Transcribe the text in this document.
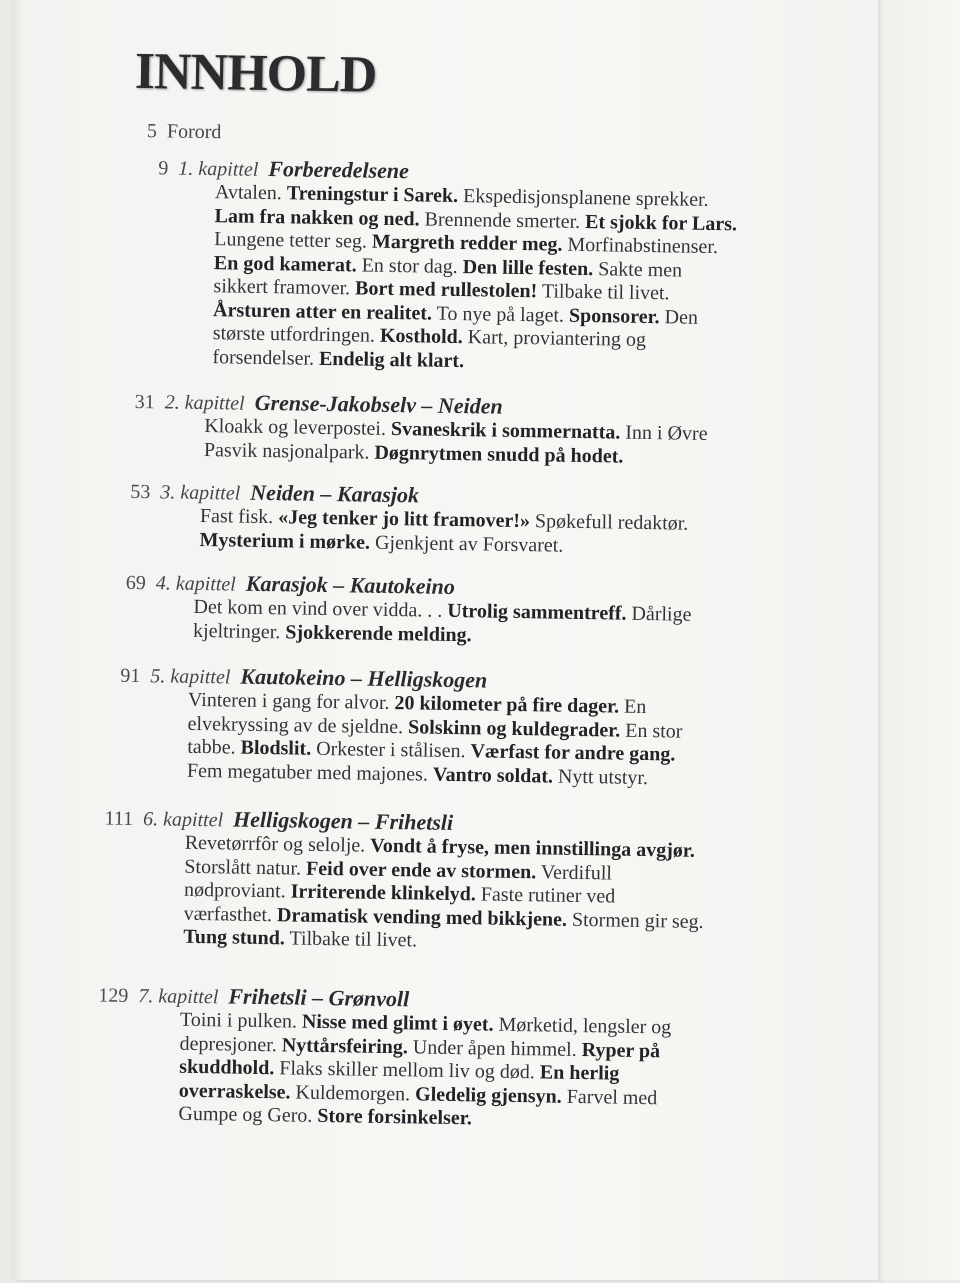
INNHOLD
5 Forord
9 1. kapittel Forberedelsene
Avtalen. Treningstur i Sarek. Ekspedisjonsplanene sprekker.
Lam fra nakken og ned. Brennende smerter. Et sjokk for Lars.
Lungene tetter seg. Margreth redder meg. Morfinabstinenser.
En god kamerat. En stor dag. Den lille festen. Sakte men
sikkert framover. Bort med rullestolen! Tilbake til livet.
Årsturen atter en realitet. To nye på laget. Sponsorer. Den
største utfordringen. Kosthold. Kart, proviantering og
forsendelser. Endelig alt klart.
31 2. kapittel Grense-Jakobselv – Neiden
Kloakk og leverpostei. Svaneskrik i sommernatta. Inn i Øvre
Pasvik nasjonalpark. Døgnrytmen snudd på hodet.
53 3. kapittel Neiden – Karasjok
Fast fisk. «Jeg tenker jo litt framover!» Spøkefull redaktør.
Mysterium i mørke. Gjenkjent av Forsvaret.
69 4. kapittel Karasjok – Kautokeino
Det kom en vind over vidda. . . Utrolig sammentreff. Dårlige
kjeltringer. Sjokkerende melding.
91 5. kapittel Kautokeino – Helligskogen
Vinteren i gang for alvor. 20 kilometer på fire dager. En
elvekryssing av de sjeldne. Solskinn og kuldegrader. En stor
tabbe. Blodslit. Orkester i stålisen. Værfast for andre gang.
Fem megatuber med majones. Vantro soldat. Nytt utstyr.
111 6. kapittel Helligskogen – Frihetsli
Revetørrfôr og selolje. Vondt å fryse, men innstillinga avgjør.
Storslått natur. Feid over ende av stormen. Verdifull
nødproviant. Irriterende klinkelyd. Faste rutiner ved
værfasthet. Dramatisk vending med bikkjene. Stormen gir seg.
Tung stund. Tilbake til livet.
129 7. kapittel Frihetsli – Grønvoll
Toini i pulken. Nisse med glimt i øyet. Mørketid, lengsler og
depresjoner. Nyttårsfeiring. Under åpen himmel. Ryper på
skuddhold. Flaks skiller mellom liv og død. En herlig
overraskelse. Kuldemorgen. Gledelig gjensyn. Farvel med
Gumpe og Gero. Store forsinkelser.
